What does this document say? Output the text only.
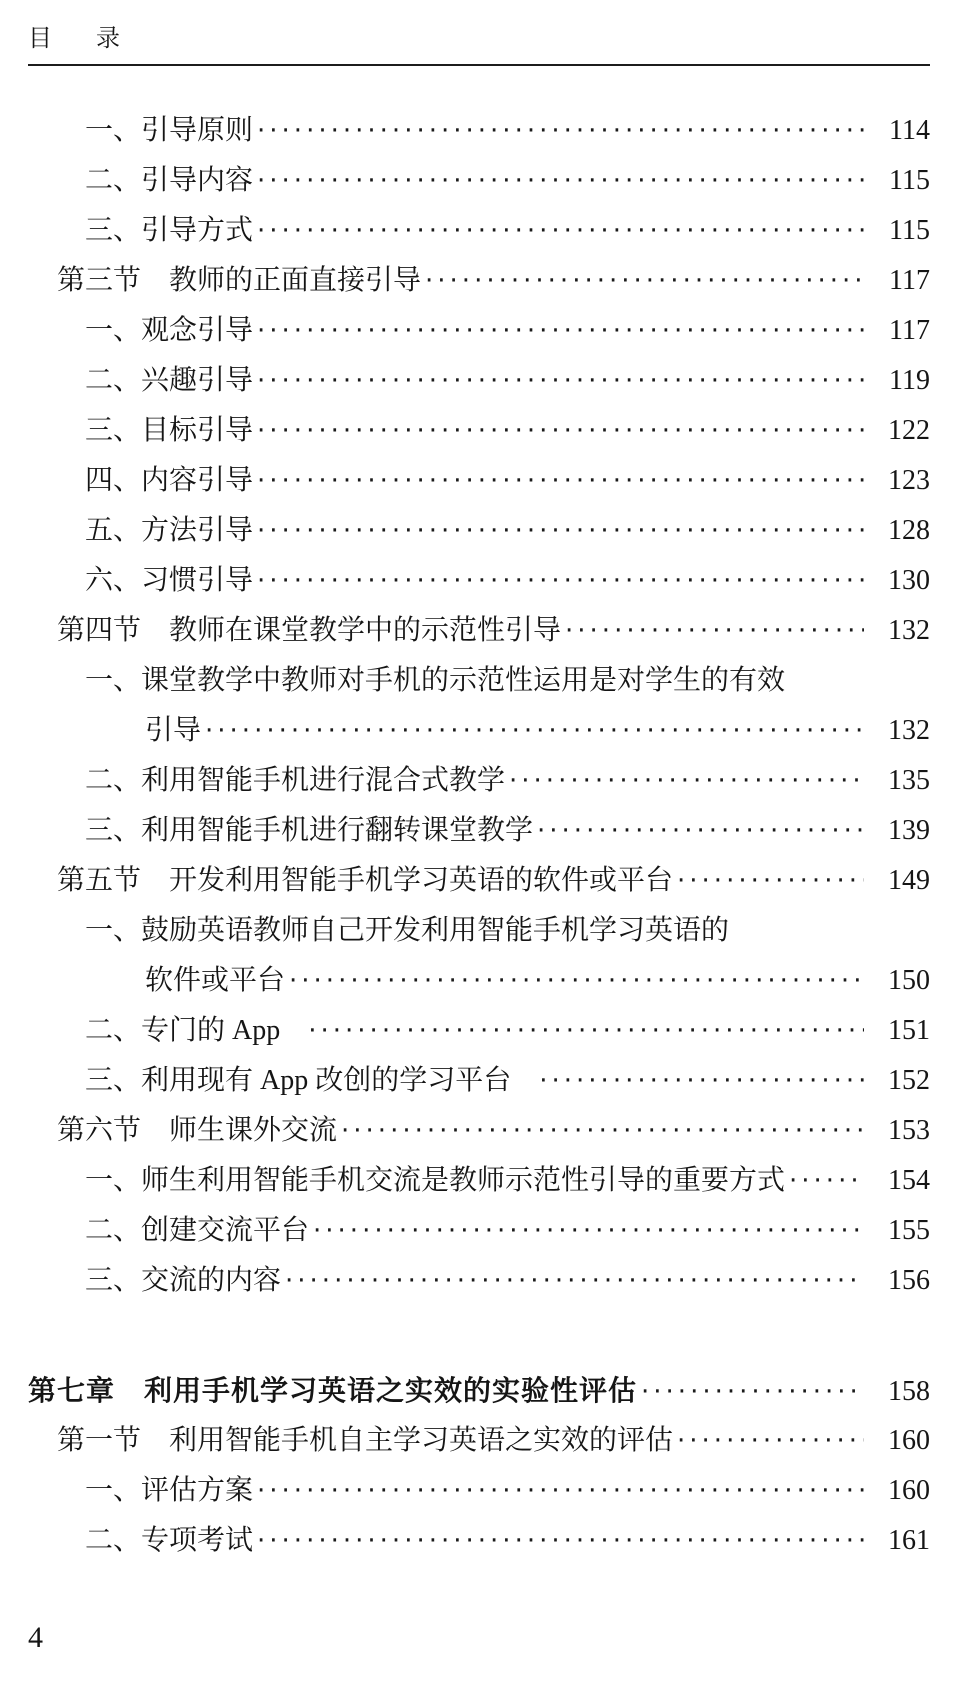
目　录
一、引导原则 ·····	114
二、引导内容 ·····	115
三、引导方式 ·····	115
第三节　教师的正面直接引导 ·····	117
一、观念引导 ·····	117
二、兴趣引导 ·····	119
三、目标引导 ·····	122
四、内容引导 ·····	123
五、方法引导 ·····	128
六、习惯引导 ·····	130
第四节　教师在课堂教学中的示范性引导 ·····	132
一、课堂教学中教师对手机的示范性运用是对学生的有效
引导 ·····	132
二、利用智能手机进行混合式教学 ·····	135
三、利用智能手机进行翻转课堂教学 ·····	139
第五节　开发利用智能手机学习英语的软件或平台 ·····	149
一、鼓励英语教师自己开发利用智能手机学习英语的
软件或平台 ·····	150
二、专门的 App ·····	151
三、利用现有 App 改创的学习平台 ·····	152
第六节　师生课外交流 ·····	153
一、师生利用智能手机交流是教师示范性引导的重要方式 ·····	154
二、创建交流平台 ·····	155
三、交流的内容 ·····	156
第七章　利用手机学习英语之实效的实验性评估 ·····	158
第一节　利用智能手机自主学习英语之实效的评估 ·····	160
一、评估方案 ·····	160
二、专项考试 ·····	161
4
